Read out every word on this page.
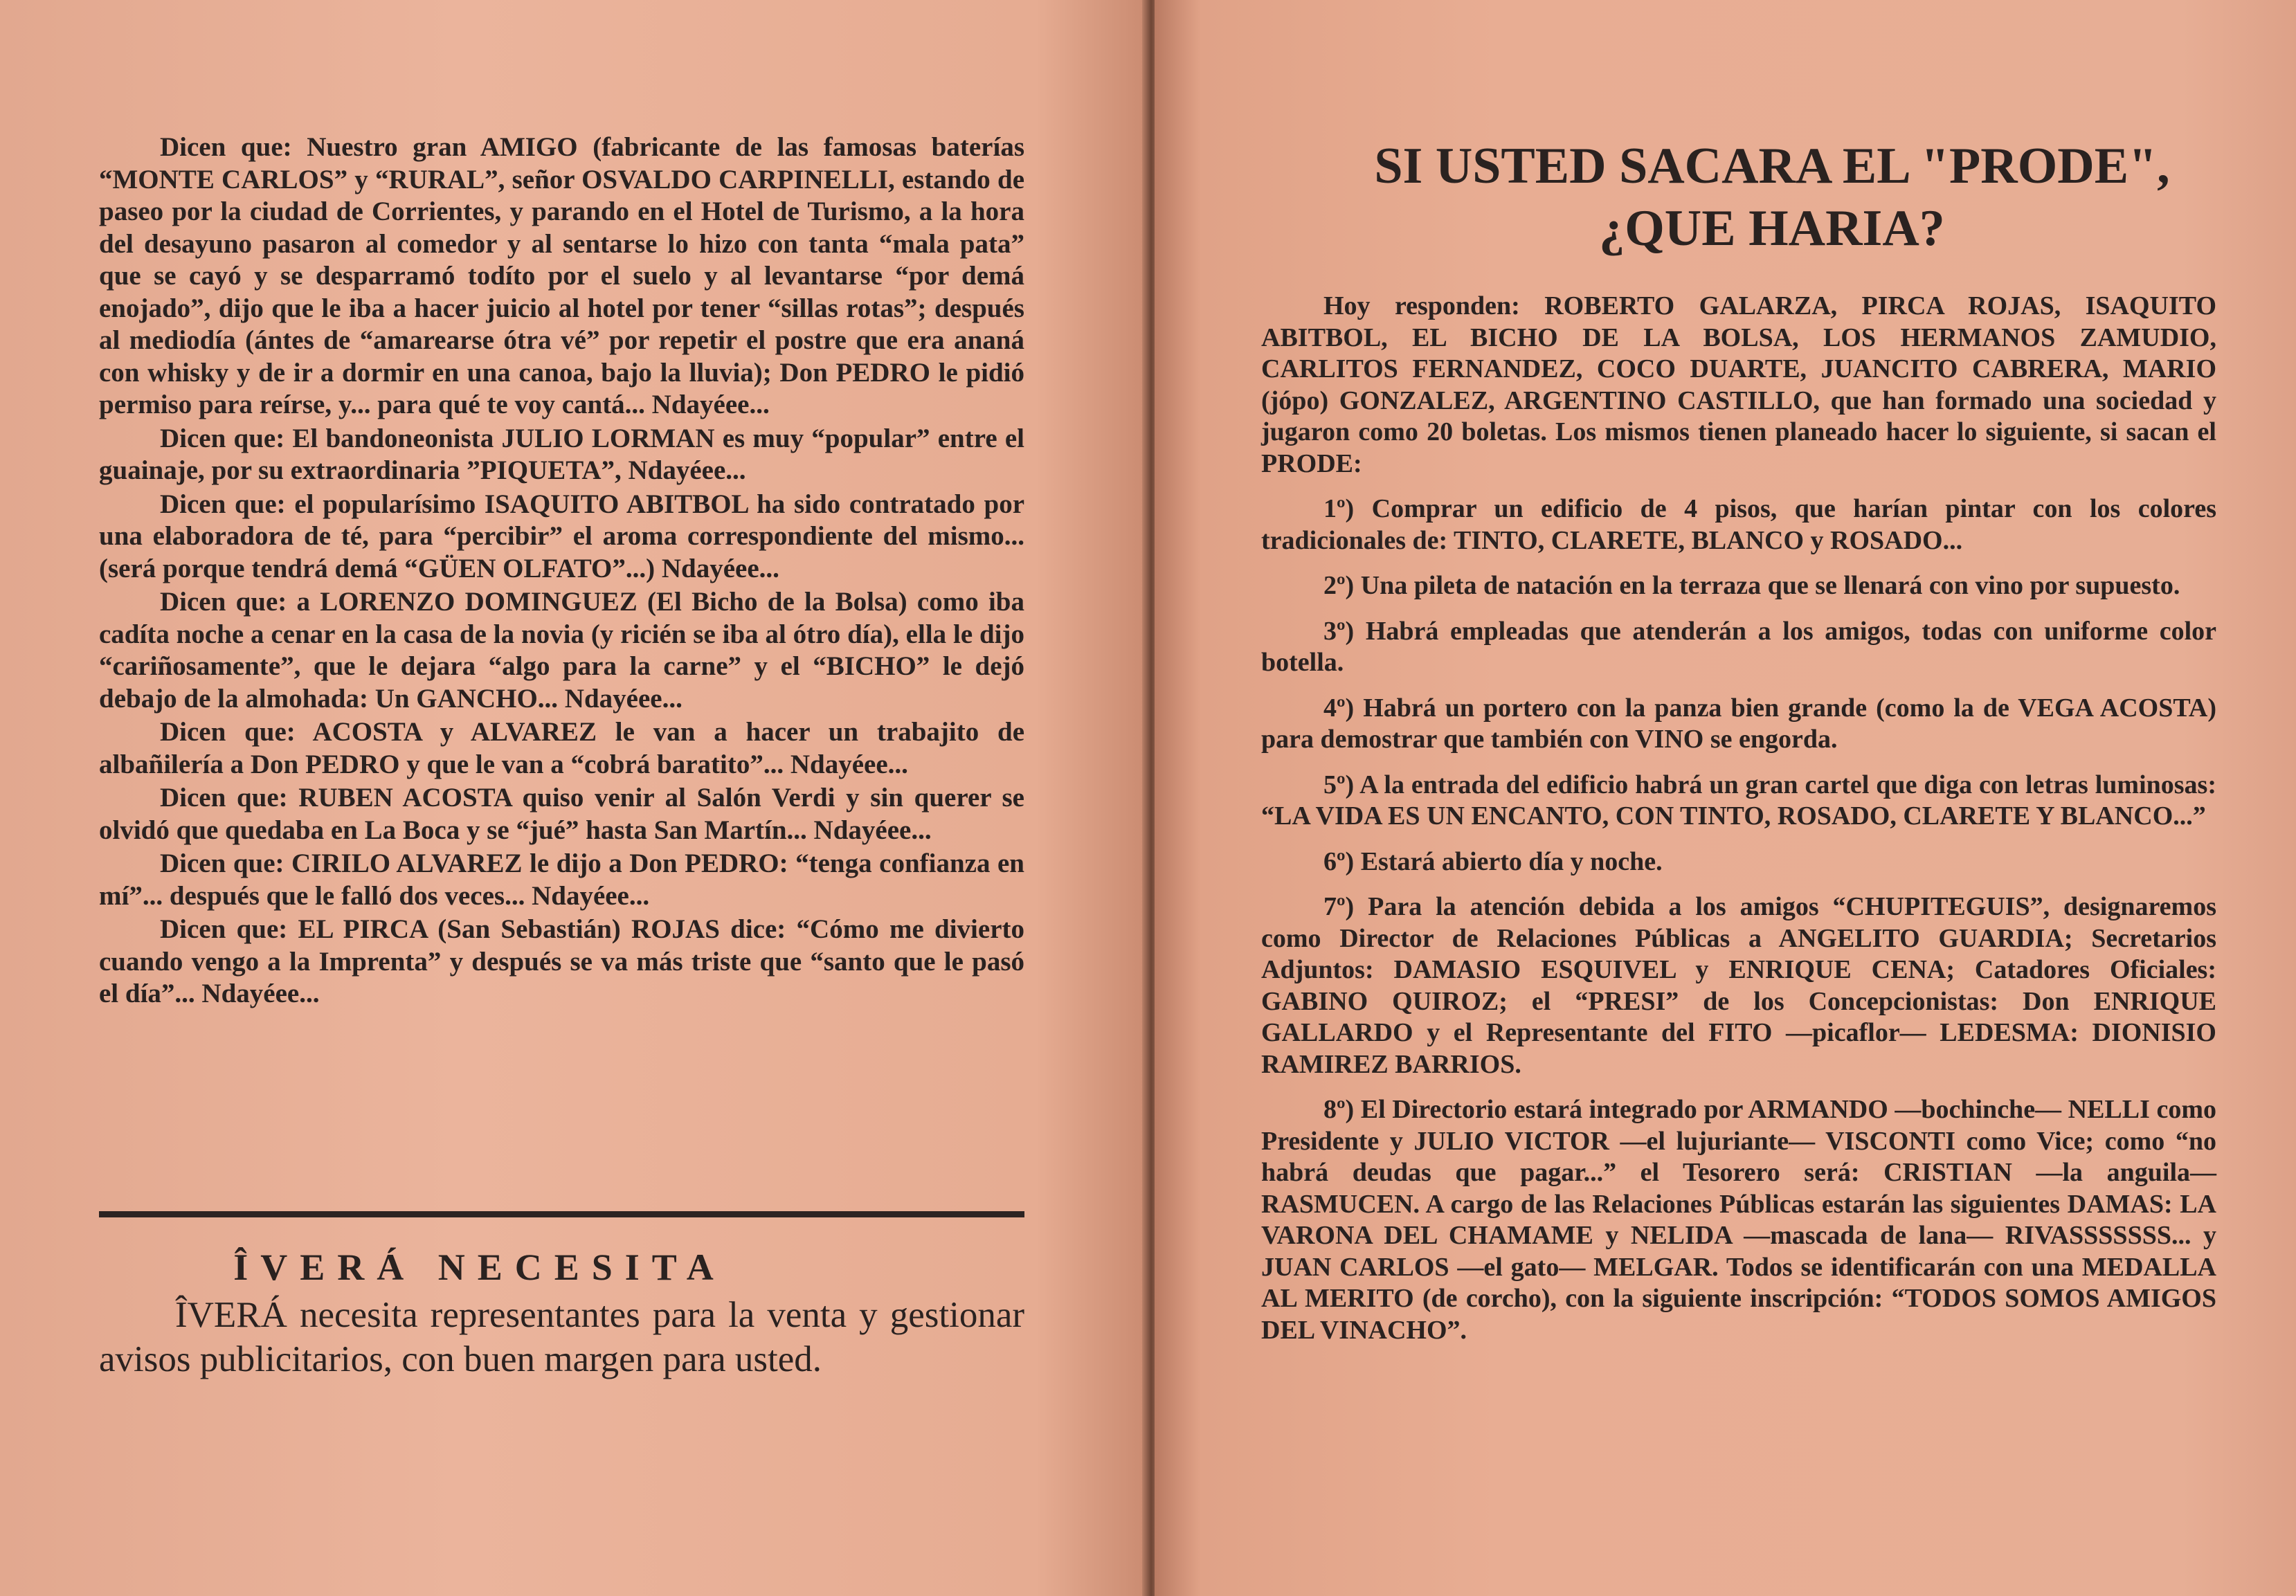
Dicen que: Nuestro gran AMIGO (fabricante de las famosas baterías “MONTE CARLOS” y “RURAL”, señor OSVALDO CARPINELLI, estando de paseo por la ciudad de Corrientes, y parando en el Hotel de Turismo, a la hora del desayuno pasaron al comedor y al sentarse lo hizo con tanta “mala pata” que se cayó y se desparramó todíto por el suelo y al levantarse “por demá enojado”, dijo que le iba a hacer juicio al hotel por tener “sillas rotas”; después al mediodía (ántes de “amarearse ótra vé” por repetir el postre que era ananá con whisky y de ir a dormir en una canoa, bajo la lluvia); Don PEDRO le pidió permiso para reírse, y... para qué te voy cantá... Ndayéee...

Dicen que: El bandoneonista JULIO LORMAN es muy “popular” entre el guainaje, por su extraordinaria ”PIQUETA”, Ndayéee...

Dicen que: el popularísimo ISAQUITO ABITBOL ha sido contratado por una elaboradora de té, para “percibir” el aroma correspondiente del mismo... (será porque tendrá demá “GÜEN OLFATO”...) Ndayéee...

Dicen que: a LORENZO DOMINGUEZ (El Bicho de la Bolsa) como iba cadíta noche a cenar en la casa de la novia (y ricién se iba al ótro día), ella le dijo “cariñosamente”, que le dejara “algo para la carne” y el “BICHO” le dejó debajo de la almohada: Un GANCHO... Ndayéee...

Dicen que: ACOSTA y ALVAREZ le van a hacer un trabajito de albañilería a Don PEDRO y que le van a “cobrá baratito”... Ndayéee...

Dicen que: RUBEN ACOSTA quiso venir al Salón Verdi y sin querer se olvidó que quedaba en La Boca y se “jué” hasta San Martín... Ndayéee...

Dicen que: CIRILO ALVAREZ le dijo a Don PEDRO: “tenga confianza en mí”... después que le falló dos veces... Ndayéee...

Dicen que: EL PIRCA (San Sebastián) ROJAS dice: “Cómo me divierto cuando vengo a la Imprenta” y después se va más triste que “santo que le pasó el día”... Ndayéee...

ÎVERÁ NECESITA
ÎVERÁ necesita representantes para la venta y gestionar avisos publicitarios, con buen margen para usted.
SI USTED SACARA EL "PRODE",
¿QUE HARIA?

Hoy responden: ROBERTO GALARZA, PIRCA ROJAS, ISAQUITO ABITBOL, EL BICHO DE LA BOLSA, LOS HERMANOS ZAMUDIO, CARLITOS FERNANDEZ, COCO DUARTE, JUANCITO CABRERA, MARIO (jópo) GONZALEZ, ARGENTINO CASTILLO, que han formado una sociedad y jugaron como 20 boletas. Los mismos tienen planeado hacer lo siguiente, si sacan el PRODE:

1º) Comprar un edificio de 4 pisos, que harían pintar con los colores tradicionales de: TINTO, CLARETE, BLANCO y ROSADO...

2º) Una pileta de natación en la terraza que se llenará con vino por supuesto.

3º) Habrá empleadas que atenderán a los amigos, todas con uniforme color botella.

4º) Habrá un portero con la panza bien grande (como la de VEGA ACOSTA) para demostrar que también con VINO se engorda.

5º) A la entrada del edificio habrá un gran cartel que diga con letras luminosas: “LA VIDA ES UN ENCANTO, CON TINTO, ROSADO, CLARETE Y BLANCO...”

6º) Estará abierto día y noche.

7º) Para la atención debida a los amigos “CHUPITEGUIS”, designaremos como Director de Relaciones Públicas a ANGELITO GUARDIA; Secretarios Adjuntos: DAMASIO ESQUIVEL y ENRIQUE CENA; Catadores Oficiales: GABINO QUIROZ; el “PRESI” de los Concepcionistas: Don ENRIQUE GALLARDO y el Representante del FITO —picaflor— LEDESMA: DIONISIO RAMIREZ BARRIOS.

8º) El Directorio estará integrado por ARMANDO —bochinche— NELLI como Presidente y JULIO VICTOR —el lujuriante— VISCONTI como Vice; como “no habrá deudas que pagar...” el Tesorero será: CRISTIAN —la anguila— RASMUCEN. A cargo de las Relaciones Públicas estarán las siguientes DAMAS: LA VARONA DEL CHAMAME y NELIDA —mascada de lana— RIVASSSSSSS... y JUAN CARLOS —el gato— MELGAR. Todos se identificarán con una MEDALLA AL MERITO (de corcho), con la siguiente inscripción: “TODOS SOMOS AMIGOS DEL VINACHO”.
